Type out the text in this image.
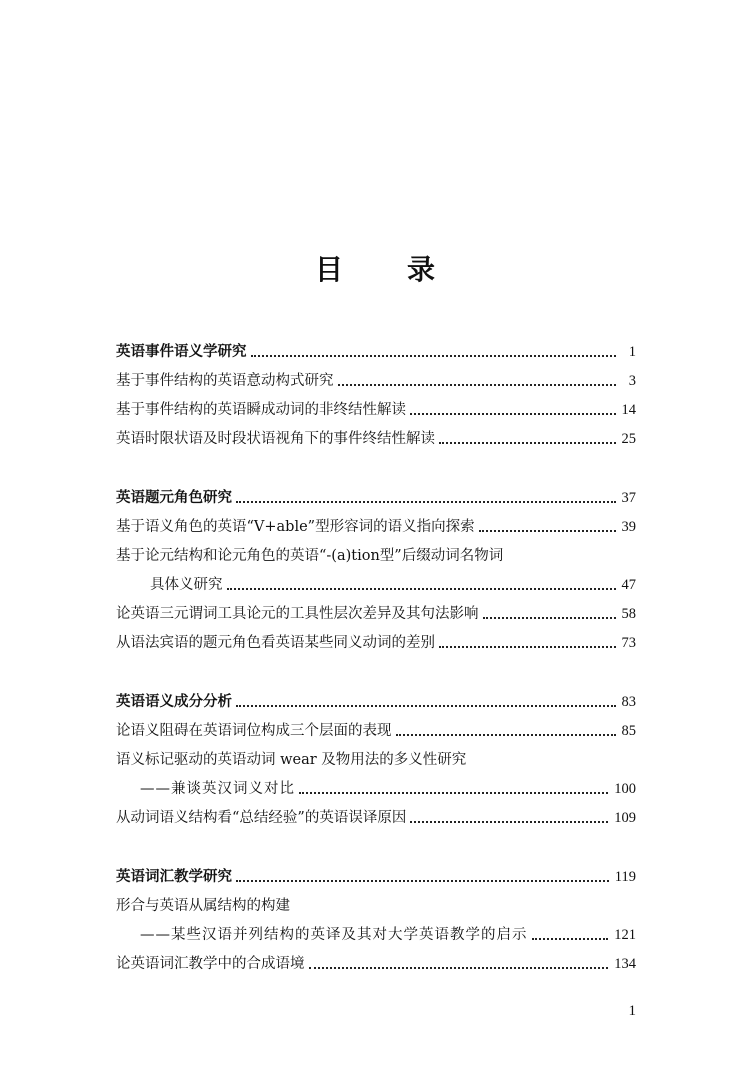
目 录
英语事件语义学研究	1
基于事件结构的英语意动构式研究	3
基于事件结构的英语瞬成动词的非终结性解读	14
英语时限状语及时段状语视角下的事件终结性解读	25
英语题元角色研究	37
基于语义角色的英语“V+able”型形容词的语义指向探索	39
基于论元结构和论元角色的英语“-(a)tion型”后缀动词名物词
具体义研究	47
论英语三元谓词工具论元的工具性层次差异及其句法影响	58
从语法宾语的题元角色看英语某些同义动词的差别	73
英语语义成分分析	83
论语义阻碍在英语词位构成三个层面的表现	85
语义标记驱动的英语动词 wear 及物用法的多义性研究
——兼谈英汉词义对比	100
从动词语义结构看“总结经验”的英语误译原因	109
英语词汇教学研究	119
形合与英语从属结构的构建
——某些汉语并列结构的英译及其对大学英语教学的启示	121
论英语词汇教学中的合成语境	134
1
